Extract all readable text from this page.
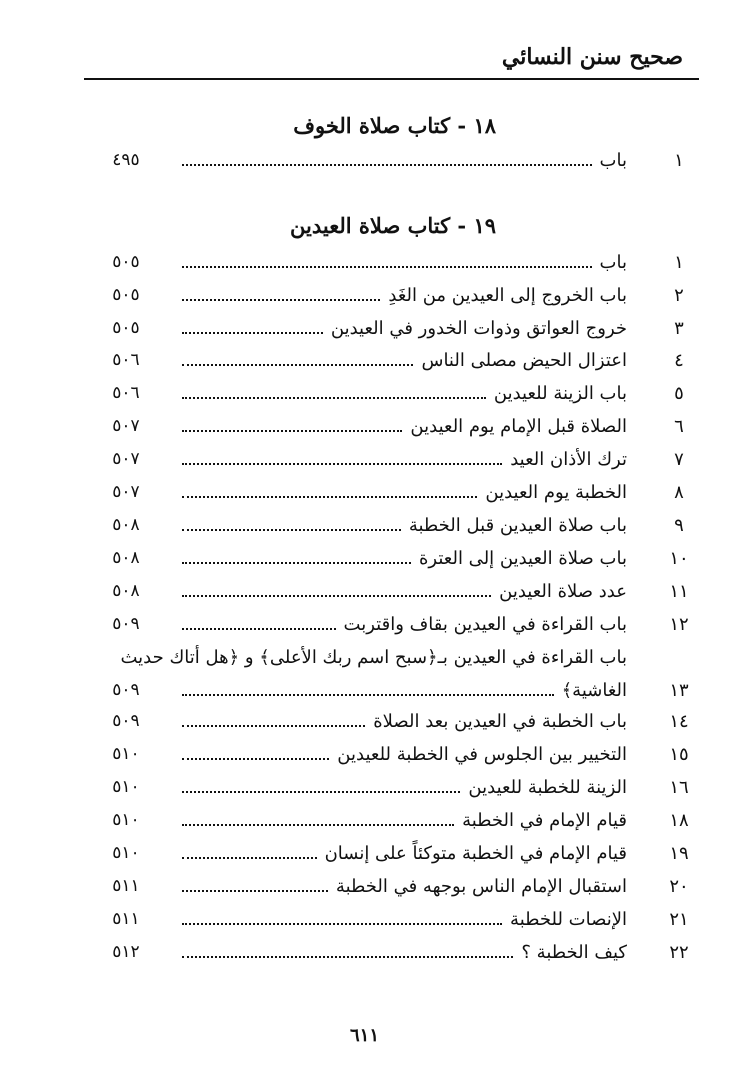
صحيح سنن النسائي
١٨ - كتاب صلاة الخوف
١
باب
٤٩٥
١
باب
٥٠٥
٢
باب الخروج إلى العيدين من الغَدِ
٥٠٥
٣
خروج العواتق وذوات الخدور في العيدين
٥٠٥
٤
اعتزال الحيض مصلى الناس
٥٠٦
٥
باب الزينة للعيدين
٥٠٦
٦
الصلاة قبل الإمام يوم العيدين
٥٠٧
٧
ترك الأذان العيد
٥٠٧
٨
الخطبة يوم العيدين
٥٠٧
٩
باب صلاة العيدين قبل الخطبة
٥٠٨
١٠
باب صلاة العيدين إلى العترة
٥٠٨
١١
عدد صلاة العيدين
٥٠٨
١٢
باب القراءة في العيدين بقاف واقتربت
٥٠٩
١٣
باب القراءة في العيدين بـ﴿سبح اسم ربك الأعلى﴾ و ﴿هل أتاك حديث
الغاشية﴾
٥٠٩
١٤
باب الخطبة في العيدين بعد الصلاة
٥٠٩
١٥
التخيير بين الجلوس في الخطبة للعيدين
٥١٠
١٦
الزينة للخطبة للعيدين
٥١٠
١٨
قيام الإمام في الخطبة
٥١٠
١٩
قيام الإمام في الخطبة متوكئاً على إنسان
٥١٠
٢٠
استقبال الإمام الناس بوجهه في الخطبة
٥١١
٢١
الإنصات للخطبة
٥١١
٢٢
كيف الخطبة ؟
٥١٢
١٩ - كتاب صلاة العيدين
٦١١
